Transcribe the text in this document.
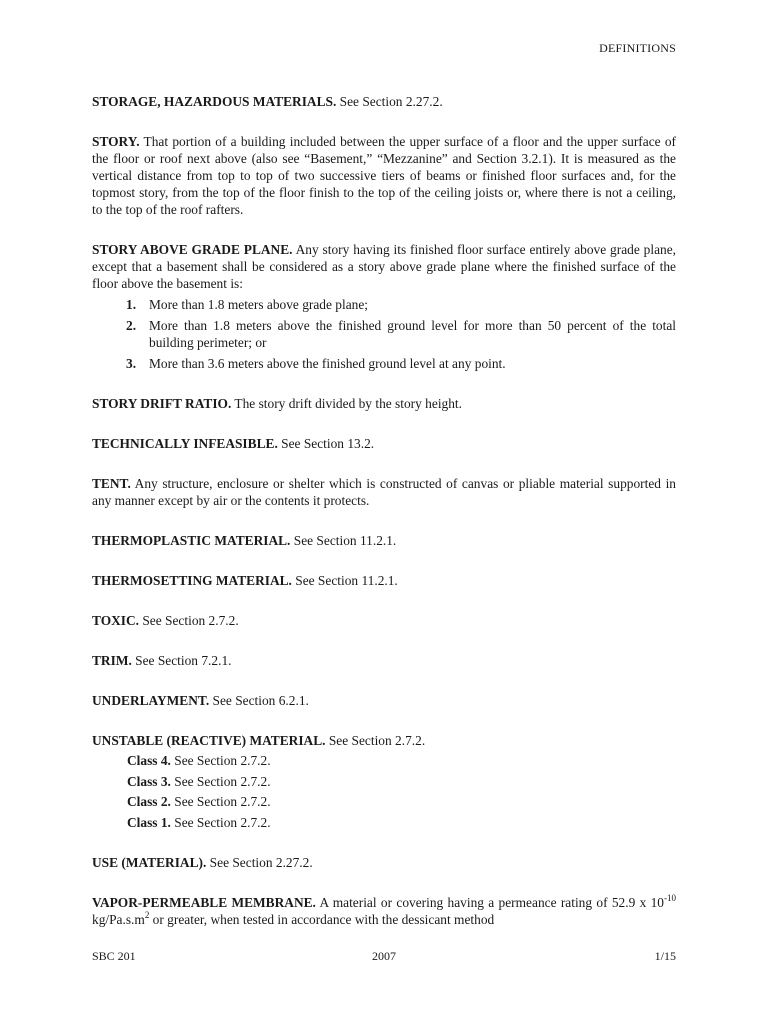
DEFINITIONS

STORAGE, HAZARDOUS MATERIALS. See Section 2.27.2.

STORY. That portion of a building included between the upper surface of a floor and the upper surface of the floor or roof next above (also see “Basement,” “Mezzanine” and Section 3.2.1). It is measured as the vertical distance from top to top of two successive tiers of beams or finished floor surfaces and, for the topmost story, from the top of the floor finish to the top of the ceiling joists or, where there is not a ceiling, to the top of the roof rafters.

STORY ABOVE GRADE PLANE. Any story having its finished floor surface entirely above grade plane, except that a basement shall be considered as a story above grade plane where the finished surface of the floor above the basement is:

1. More than 1.8 meters above grade plane;
2. More than 1.8 meters above the finished ground level for more than 50 percent of the total building perimeter; or
3. More than 3.6 meters above the finished ground level at any point.

STORY DRIFT RATIO. The story drift divided by the story height.

TECHNICALLY INFEASIBLE. See Section 13.2.

TENT. Any structure, enclosure or shelter which is constructed of canvas or pliable material supported in any manner except by air or the contents it protects.

THERMOPLASTIC MATERIAL. See Section 11.2.1.

THERMOSETTING MATERIAL. See Section 11.2.1.

TOXIC. See Section 2.7.2.

TRIM. See Section 7.2.1.

UNDERLAYMENT. See Section 6.2.1.

UNSTABLE (REACTIVE) MATERIAL. See Section 2.7.2.

Class 4. See Section 2.7.2.
Class 3. See Section 2.7.2.
Class 2. See Section 2.7.2.
Class 1. See Section 2.7.2.

USE (MATERIAL). See Section 2.27.2.

VAPOR-PERMEABLE MEMBRANE. A material or covering having a permeance rating of 52.9 x $10^{-10}$ $kg/Pa.s.m^2$ or greater, when tested in accordance with the dessicant method

SBC 201	2007	1/15
